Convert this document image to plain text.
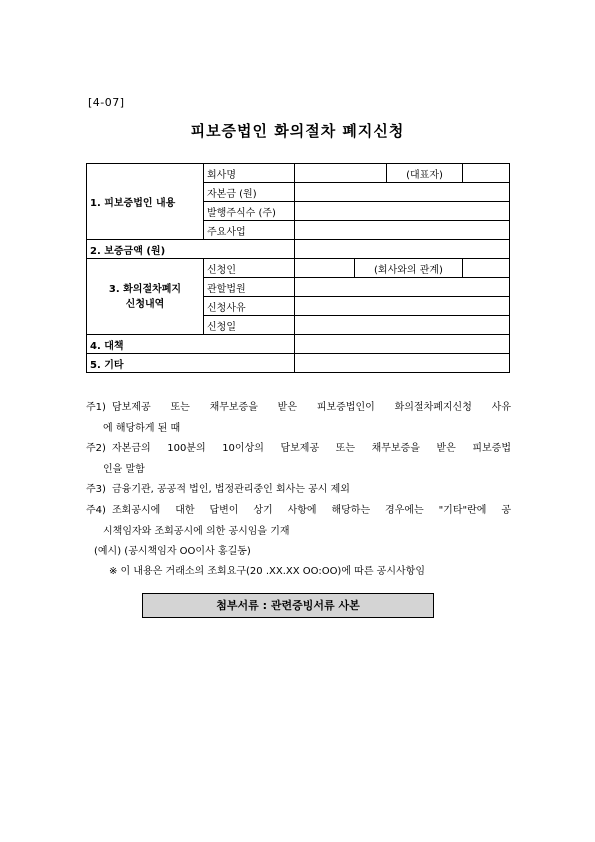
[4-07]
피보증법인 화의절차 폐지신청
1. 피보증법인 내용	회사명			(대표자)	
	자본금 (원)				
	발행주식수 (주)				
	주요사업				
2. 보증금액 (원)					
3. 화의절차폐지
신청내역	신청인		(회사와의 관계)		
	관할법원				
	신청사유				
	신청일				
4. 대책					
5. 기타					
주1) 담보제공 또는 채무보증을 받은 피보증법인이 화의절차폐지신청 사유
에 해당하게 된 때
주2) 자본금의 100분의 10이상의 담보제공 또는 채무보증을 받은 피보증법
인을 말함
주3) 금융기관, 공공적 법인, 법정관리중인 회사는 공시 제외
주4) 조회공시에 대한 답변이 상기 사항에 해당하는 경우에는 "기타"란에 공
시책임자와 조회공시에 의한 공시임을 기재
(예시) (공시책임자 OO이사 홍길동)
※ 이 내용은 거래소의 조회요구(20 .XX.XX OO:OO)에 따른 공시사항임
첨부서류 : 관련증빙서류 사본
